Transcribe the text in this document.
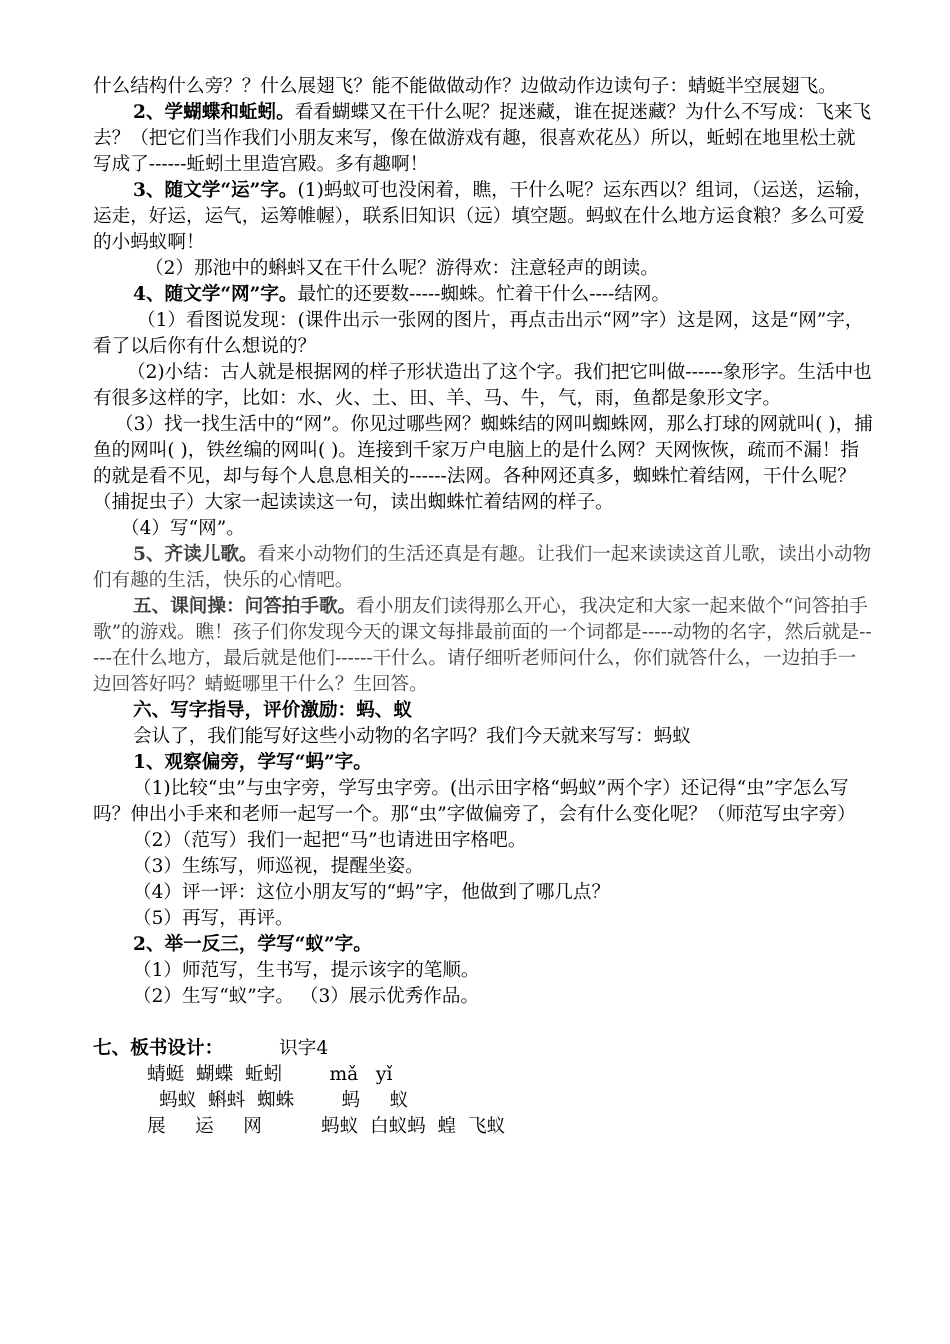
什么结构什么旁？？什么展翅飞？能不能做做动作？边做动作边读句子：蜻蜓半空展翅飞。

2、学蝴蝶和蚯蚓。看看蝴蝶又在干什么呢？捉迷藏，谁在捉迷藏？为什么不写成：飞来飞去？（把它们当作我们小朋友来写，像在做游戏有趣，很喜欢花丛）所以，蚯蚓在地里松土就写成了------蚯蚓土里造宫殿。多有趣啊！

3、随文学“运”字。(1)蚂蚁可也没闲着，瞧，干什么呢？运东西以？组词，（运送，运输，运走，好运，运气，运筹帷幄），联系旧知识（远）填空题。蚂蚁在什么地方运食粮？多么可爱的小蚂蚁啊！

（2）那池中的蝌蚪又在干什么呢？游得欢：注意轻声的朗读。

4、随文学“网”字。最忙的还要数-----蜘蛛。忙着干什么----结网。

（1）看图说发现：(课件出示一张网的图片，再点击出示“网”字）这是网，这是“网”字，看了以后你有什么想说的？

（2)小结：古人就是根据网的样子形状造出了这个字。我们把它叫做------象形字。生活中也有很多这样的字，比如：水、火、土、田、羊、马、牛，气，雨，鱼都是象形文字。

（3）找一找生活中的“网”。你见过哪些网？蜘蛛结的网叫蜘蛛网，那么打球的网就叫( )，捕鱼的网叫( )，铁丝编的网叫( )。连接到千家万户电脑上的是什么网？天网恢恢，疏而不漏！指的就是看不见，却与每个人息息相关的------法网。各种网还真多，蜘蛛忙着结网，干什么呢？（捕捉虫子）大家一起读读这一句，读出蜘蛛忙着结网的样子。

（4）写“网”。

5、齐读儿歌。看来小动物们的生活还真是有趣。让我们一起来读读这首儿歌，读出小动物们有趣的生活，快乐的心情吧。

五、课间操：问答拍手歌。看小朋友们读得那么开心，我决定和大家一起来做个“问答拍手歌”的游戏。瞧！孩子们你发现今天的课文每排最前面的一个词都是-----动物的名字，然后就是-----在什么地方，最后就是他们------干什么。请仔细听老师问什么，你们就答什么，一边拍手一边回答好吗？蜻蜓哪里干什么？生回答。

六、写字指导，评价激励：蚂、蚁

会认了，我们能写好这些小动物的名字吗？我们今天就来写写：蚂蚁

1、观察偏旁，学写“蚂”字。

（1)比较“虫”与虫字旁，学写虫字旁。(出示田字格“蚂蚁”两个字）还记得“虫”字怎么写吗？伸出小手来和老师一起写一个。那“虫”字做偏旁了，会有什么变化呢？（师范写虫字旁）

（2）（范写）我们一起把“马”也请进田字格吧。

（3）生练写，师巡视，提醒坐姿。

（4）评一评：这位小朋友写的“蚂”字，他做到了哪几点？

（5）再写，再评。

2、举一反三，学写“蚁”字。

（1）师范写，生书写，提示该字的笔顺。

（2）生写“蚁”字。 （3）展示优秀作品。

七、板书设计：	识字4

蜻蜓  蝴蝶  蚯蚓        mǎ   yǐ

蚂蚁  蝌蚪  蜘蛛        蚂     蚁

展     运     网          蚂蚁  白蚁蚂  蝗  飞蚁
